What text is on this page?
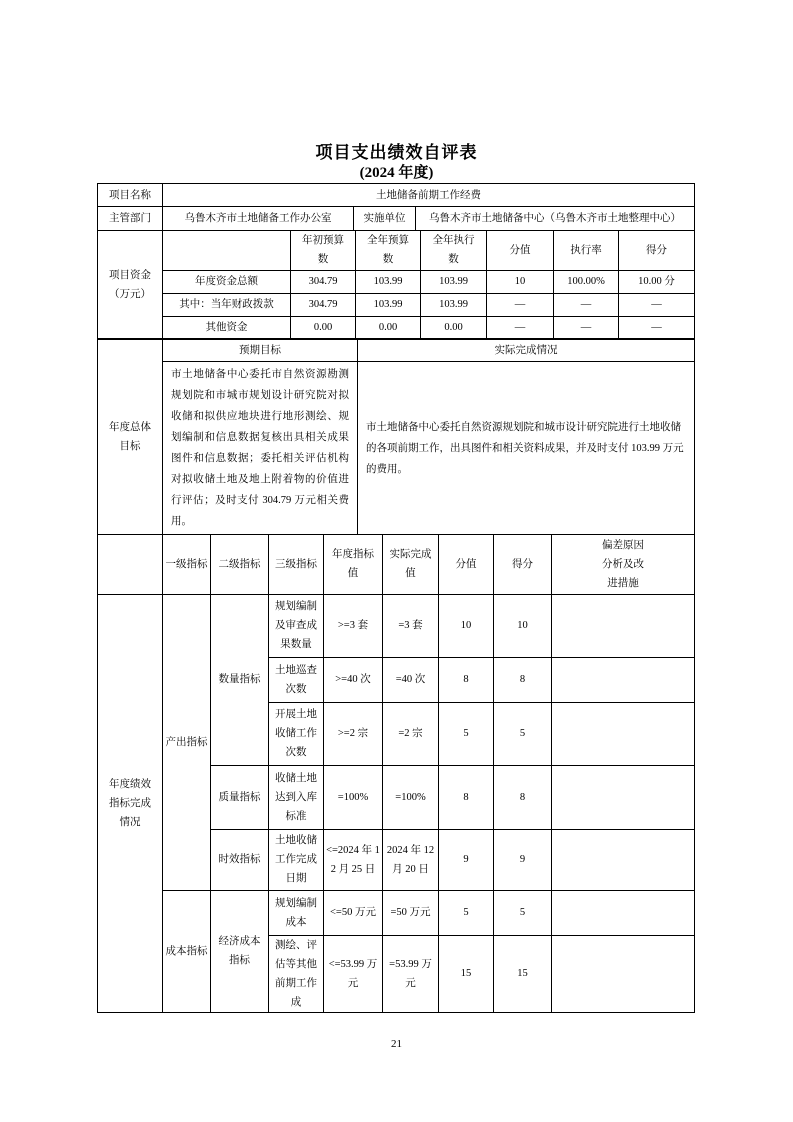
项目支出绩效自评表
(2024 年度)
项目名称	土地储备前期工作经费		
主管部门	乌鲁木齐市土地储备工作办公室	实施单位	乌鲁木齐市土地储备中心（乌鲁木齐市土地整理中心）
项目资金（万元）		年初预算数	全年预算数	全年执行数	分值	执行率	得分
	年度资金总额	304.79	103.99	103.99	10	100.00%	10.00 分
	其中：当年财政拨款	304.79	103.99	103.99	—	—	—
	其他资金	0.00	0.00	0.00	—	—	—
年度总体目标	预期目标	实际完成情况
	市土地储备中心委托市自然资源勘测规划院和市城市规划设计研究院对拟收储和拟供应地块进行地形测绘、规划编制和信息数据复核出具相关成果图件和信息数据；委托相关评估机构对拟收储土地及地上附着物的价值进行评估；及时支付 304.79 万元相关费用。	市土地储备中心委托自然资源规划院和城市设计研究院进行土地收储的各项前期工作，出具图件和相关资料成果，并及时支付 103.99 万元的费用。
	一级指标	二级指标	三级指标	年度指标值	实际完成值	分值	得分	偏差原因分析及改进措施
年度绩效指标完成情况	产出指标	数量指标	规划编制及审查成果数量	>=3 套	=3 套	10	10	
			土地巡查次数	>=40 次	=40 次	8	8	
			开展土地收储工作次数	>=2 宗	=2 宗	5	5	
		质量指标	收储土地达到入库标准	=100%	=100%	8	8	
		时效指标	土地收储工作完成日期	<=2024 年 12 月 25 日	2024 年 12 月 20 日	9	9	
	成本指标	经济成本指标	规划编制成本	<=50 万元	=50 万元	5	5	
			测绘、评估等其他前期工作成	<=53.99 万元	=53.99 万元	15	15	
21
